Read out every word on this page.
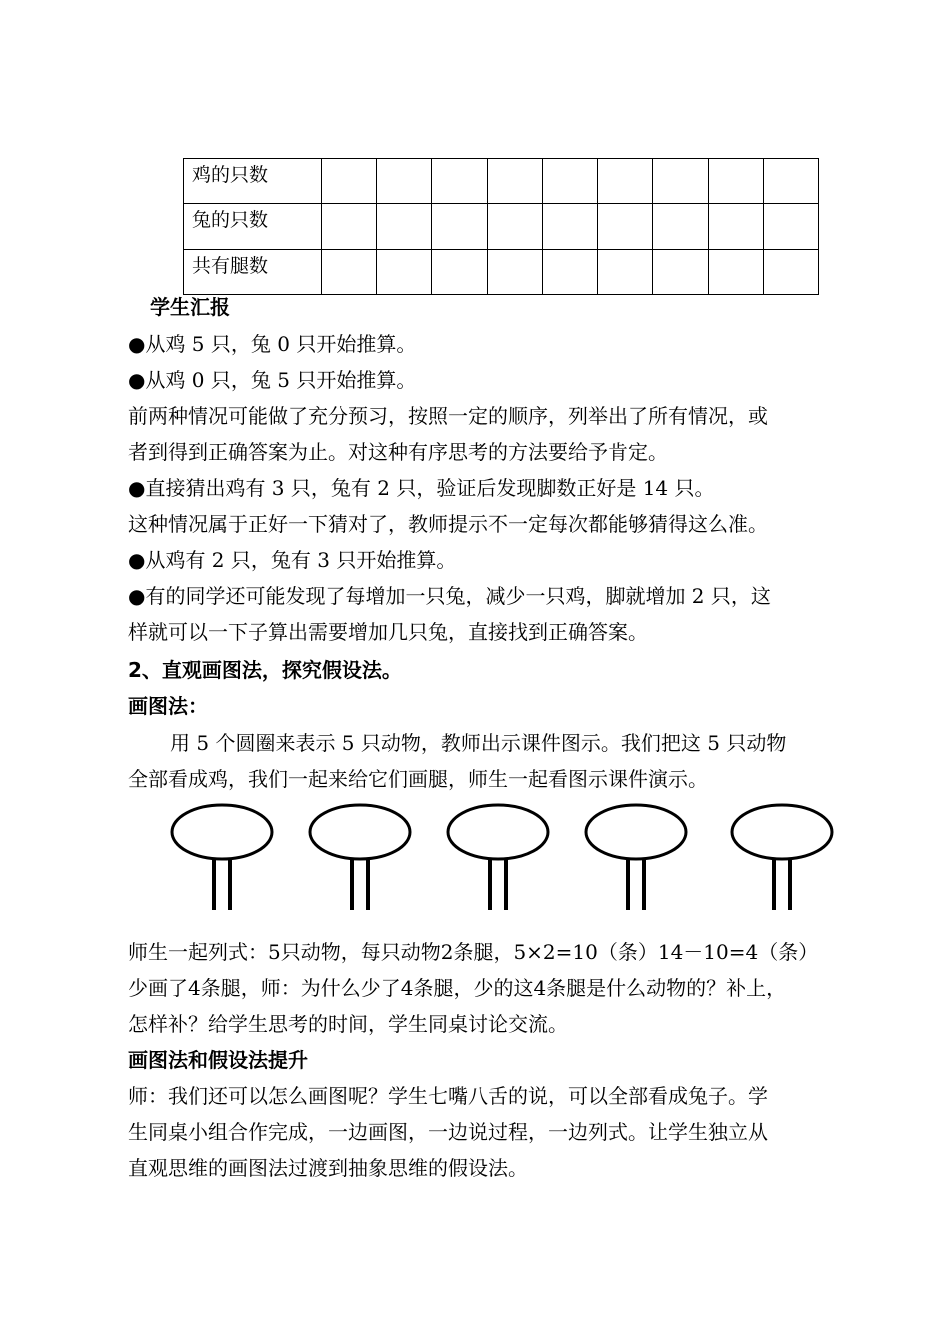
鸡的只数									
兔的只数									
共有腿数									
学生汇报
●从鸡 5 只，兔 0 只开始推算。
●从鸡 0 只，兔 5 只开始推算。
前两种情况可能做了充分预习，按照一定的顺序，列举出了所有情况，或
者到得到正确答案为止。对这种有序思考的方法要给予肯定。
●直接猜出鸡有 3 只，兔有 2 只，验证后发现脚数正好是 14 只。
这种情况属于正好一下猜对了，教师提示不一定每次都能够猜得这么准。
●从鸡有 2 只，兔有 3 只开始推算。
●有的同学还可能发现了每增加一只兔，减少一只鸡，脚就增加 2 只，这
样就可以一下子算出需要增加几只兔，直接找到正确答案。
2、直观画图法，探究假设法。
画图法：
用 5 个圆圈来表示 5 只动物，教师出示课件图示。我们把这 5 只动物
全部看成鸡，我们一起来给它们画腿，师生一起看图示课件演示。
师生一起列式：5只动物，每只动物2条腿，5×2=10（条）14－10=4（条）
少画了4条腿，师：为什么少了4条腿，少的这4条腿是什么动物的？补上，
怎样补？给学生思考的时间，学生同桌讨论交流。
画图法和假设法提升
师：我们还可以怎么画图呢？学生七嘴八舌的说，可以全部看成兔子。学
生同桌小组合作完成，一边画图，一边说过程，一边列式。让学生独立从
直观思维的画图法过渡到抽象思维的假设法。
